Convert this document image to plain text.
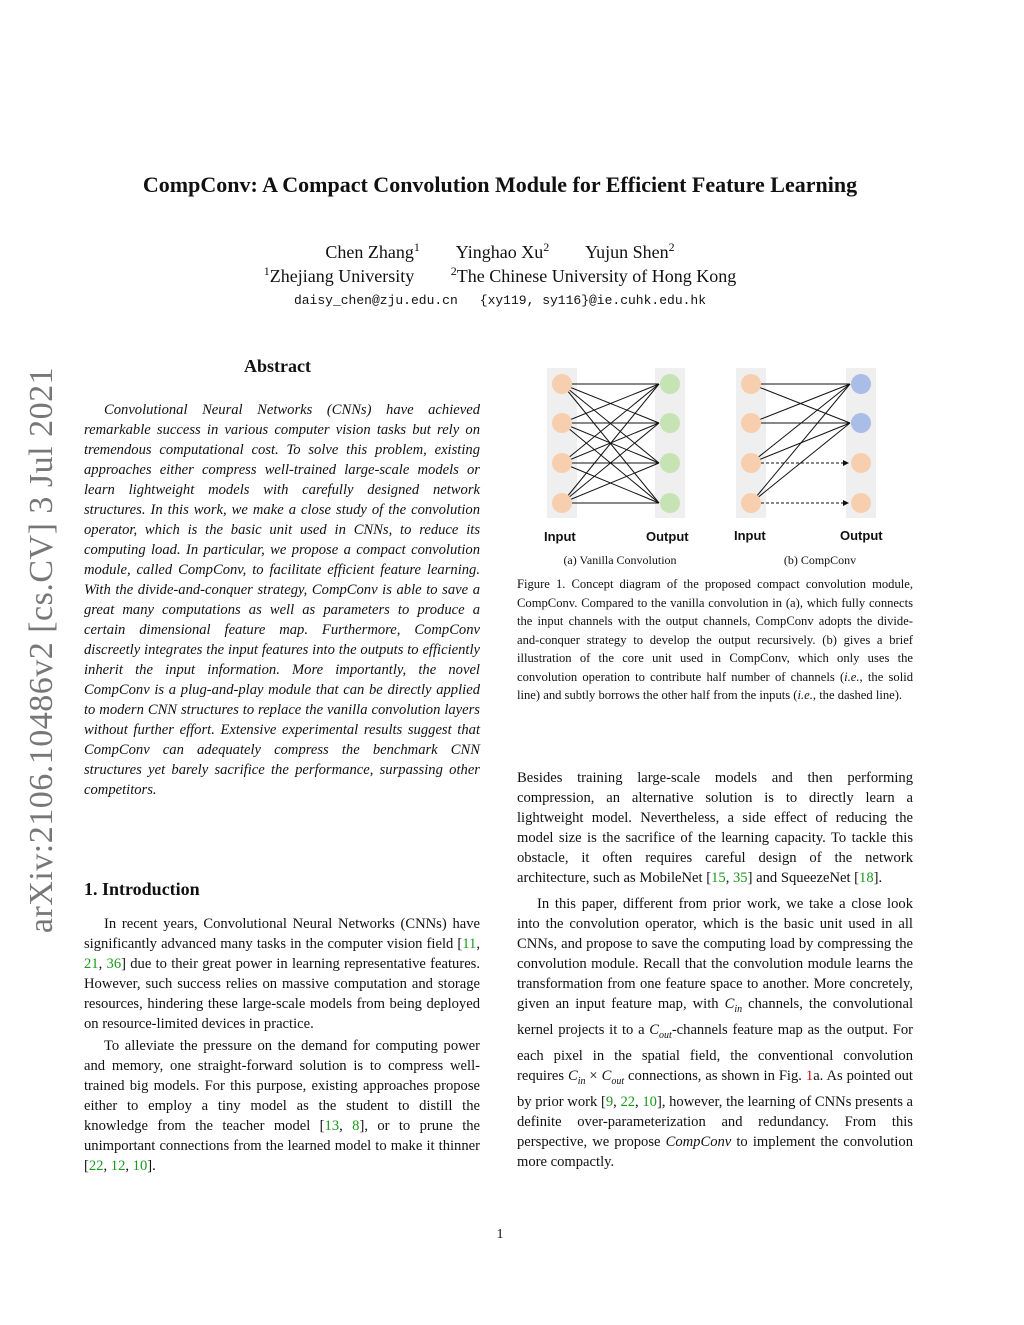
arXiv:2106.10486v2 [cs.CV] 3 Jul 2021
CompConv: A Compact Convolution Module for Efficient Feature Learning
Chen Zhang$^1$ Yinghao Xu$^2$ Yujun Shen$^2$
$^1$Zhejiang University	$^2$The Chinese University of Hong Kong
daisy_chen@zju.edu.cn {xy119, sy116}@ie.cuhk.edu.hk
Abstract

Convolutional Neural Networks (CNNs) have achieved remarkable success in various computer vision tasks but rely on tremendous computational cost. To solve this problem, existing approaches either compress well-trained large-scale models or learn lightweight models with carefully designed network structures. In this work, we make a close study of the convolution operator, which is the basic unit used in CNNs, to reduce its computing load. In particular, we propose a compact convolution module, called CompConv, to facilitate efficient feature learning. With the divide-and-conquer strategy, CompConv is able to save a great many computations as well as parameters to produce a certain dimensional feature map. Furthermore, CompConv discreetly integrates the input features into the outputs to efficiently inherit the input information. More importantly, the novel CompConv is a plug-and-play module that can be directly applied to modern CNN structures to replace the vanilla convolution layers without further effort. Extensive experimental results suggest that CompConv can adequately compress the benchmark CNN structures yet barely sacrifice the performance, surpassing other competitors.

1. Introduction

In recent years, Convolutional Neural Networks (CNNs) have significantly advanced many tasks in the computer vision field [11, 21, 36] due to their great power in learning representative features. However, such success relies on massive computation and storage resources, hindering these large-scale models from being deployed on resource-limited devices in practice.

To alleviate the pressure on the demand for computing power and memory, one straight-forward solution is to compress well-trained big models. For this purpose, existing approaches propose either to employ a tiny model as the student to distill the knowledge from the teacher model [13, 8], or to prune the unimportant connections from the learned model to make it thinner [22, 12, 10].

Input	Output	Input	Output
(a) Vanilla Convolution	(b) CompConv
Figure 1. Concept diagram of the proposed compact convolution module, CompConv. Compared to the vanilla convolution in (a), which fully connects the input channels with the output channels, CompConv adopts the divide-and-conquer strategy to develop the output recursively. (b) gives a brief illustration of the core unit used in CompConv, which only uses the convolution operation to contribute half number of channels (i.e., the solid line) and subtly borrows the other half from the inputs (i.e., the dashed line).

Besides training large-scale models and then performing compression, an alternative solution is to directly learn a lightweight model. Nevertheless, a side effect of reducing the model size is the sacrifice of the learning capacity. To tackle this obstacle, it often requires careful design of the network architecture, such as MobileNet [15, 35] and SqueezeNet [18].

In this paper, different from prior work, we take a close look into the convolution operator, which is the basic unit used in all CNNs, and propose to save the computing load by compressing the convolution module. Recall that the convolution module learns the transformation from one feature space to another. More concretely, given an input feature map, with $C_{in}$ channels, the convolutional kernel projects it to a $C_{out}$-channels feature map as the output. For each pixel in the spatial field, the conventional convolution requires $C_{in} \times C_{out}$ connections, as shown in Fig. 1a. As pointed out by prior work [9, 22, 10], however, the learning of CNNs presents a definite over-parameterization and redundancy. From this perspective, we propose CompConv to implement the convolution more compactly.

1
